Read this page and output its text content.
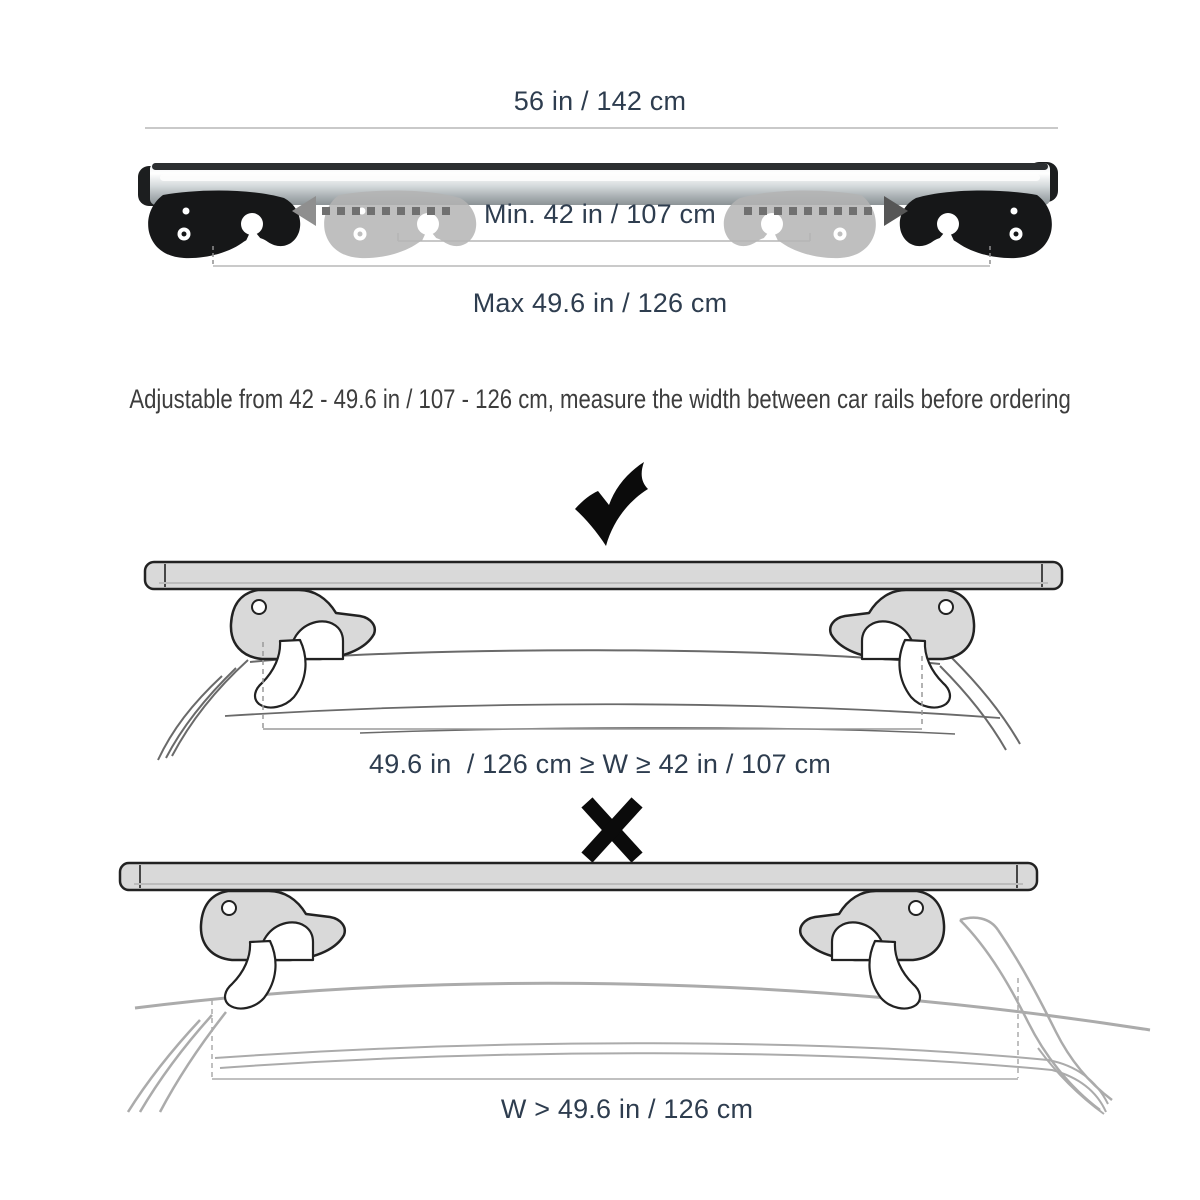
56 in / 142 cm
Min. 42 in / 107 cm
Max 49.6 in / 126 cm
Adjustable from 42 - 49.6 in / 107 - 126 cm, measure the width between car rails before ordering
49.6 in  / 126 cm ≥ W ≥ 42 in / 107 cm
W > 49.6 in / 126 cm
